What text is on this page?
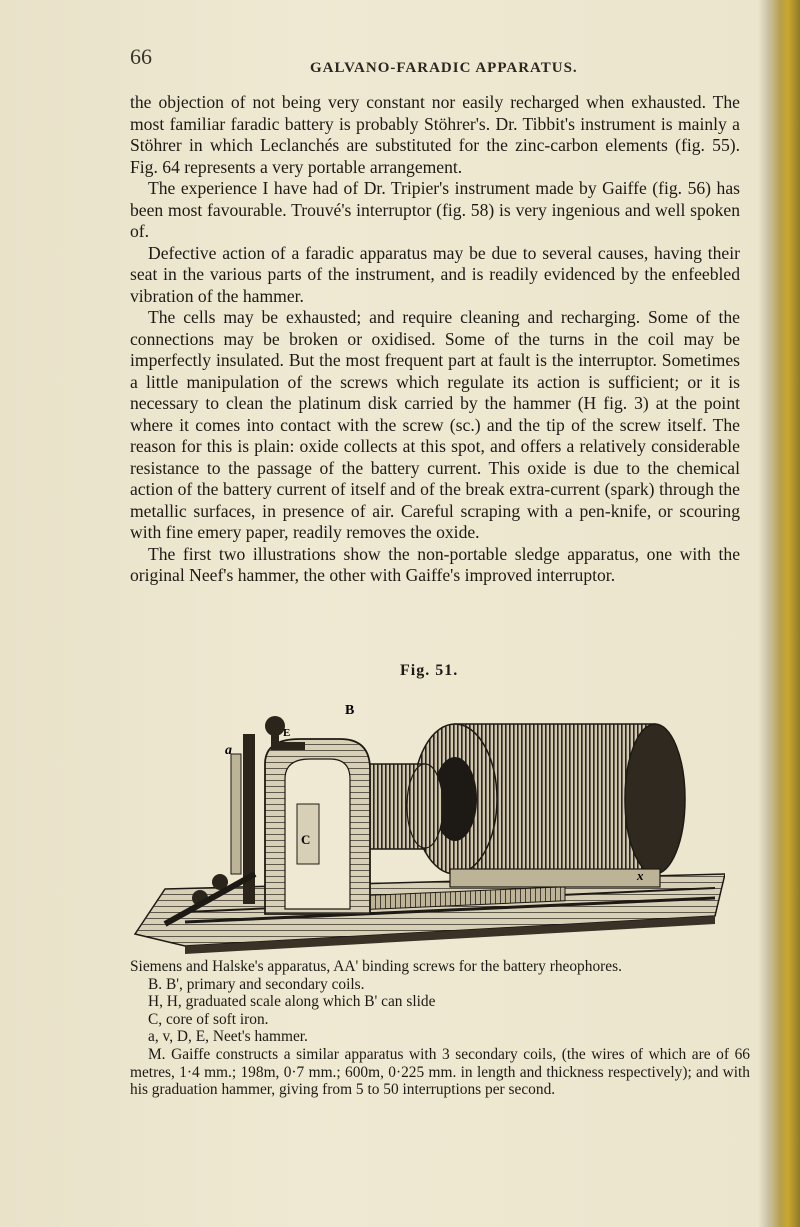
66	GALVANO-FARADIC APPARATUS.

the objection of not being very constant nor easily recharged when exhausted. The most familiar faradic battery is probably Stöhrer's. Dr. Tibbit's instrument is mainly a Stöhrer in which Leclanchés are substituted for the zinc-carbon elements (fig. 55). Fig. 64 represents a very portable arrangement.

The experience I have had of Dr. Tripier's instrument made by Gaiffe (fig. 56) has been most favourable. Trouvé's interruptor (fig. 58) is very ingenious and well spoken of.

Defective action of a faradic apparatus may be due to several causes, having their seat in the various parts of the instrument, and is readily evidenced by the enfeebled vibration of the hammer.

The cells may be exhausted; and require cleaning and recharging. Some of the connections may be broken or oxidised. Some of the turns in the coil may be imperfectly insulated. But the most frequent part at fault is the interruptor. Sometimes a little manipulation of the screws which regulate its action is sufficient; or it is necessary to clean the platinum disk carried by the hammer (H fig. 3) at the point where it comes into contact with the screw (sc.) and the tip of the screw itself. The reason for this is plain: oxide collects at this spot, and offers a relatively considerable resistance to the passage of the battery current. This oxide is due to the chemical action of the battery current of itself and of the break extra-current (spark) through the metallic surfaces, in presence of air. Careful scraping with a pen-knife, or scouring with fine emery paper, readily removes the oxide.

The first two illustrations show the non-portable sledge apparatus, one with the original Neef's hammer, the other with Gaiffe's improved interruptor.

Fig. 51.
B
a
E
C
x
Siemens and Halske's apparatus, AA' binding screws for the battery rheophores.
B. B', primary and secondary coils.
H, H, graduated scale along which B' can slide
C, core of soft iron.
a, v, D, E, Neet's hammer.
M. Gaiffe constructs a similar apparatus with 3 secondary coils, (the wires of which are of 66 metres, 1·4 mm.; 198m, 0·7 mm.; 600m, 0·225 mm. in length and thickness respectively); and with his graduation hammer, giving from 5 to 50 interruptions per second.
